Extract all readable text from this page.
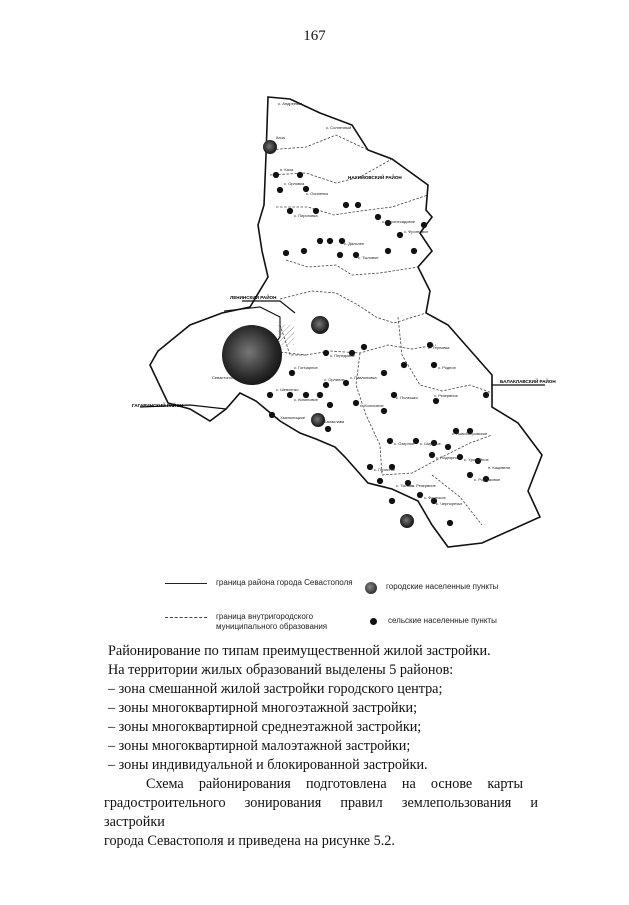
167
НАХИМОВСКИЙ РАЙОН
ЛЕНИНСКИЙ РАЙОН
ГАГАРИНСКИЙ РАЙОН
БАЛАКЛАВСКИЙ РАЙОН
с. Андреевка
с. Солнечный
Кача
п. Кача
с. Орловка
с. Осипенко
с. Пироговка
с. Верхнесадовое
с. Фронтовое
с. Дальнее
с. Тыловое
с. Терновка
с. Родное
Севастополь
с. Резервное
с. Гончарное
с. Передовое
с. Орлиное с. Павлоновка
Балаклава
с. Шевченко
с. Кизиловое
с. Хмельницкое
с. Колхозное
с. Полюшко
с. Озерное с. Широкое
с. Новобобровское
с. Подгорное
с. Гористое
с. Урожайное
с. Родниковое
с. Тылово
п. Кацивели
с. Резервное
с. Флотское
с. Черноречье
граница района города Севастополя
граница внутригородского муниципального образования
городские населенные пункты
сельские населенные пункты

Районирование по типам преимущественной жилой застройки.

На территории жилых образований выделены 5 районов:

– зона смешанной жилой застройки городского центра;

– зоны многоквартирной многоэтажной застройки;

– зоны многоквартирной среднеэтажной застройки;

– зоны многоквартирной малоэтажной застройки;

– зоны индивидуальной и блокированной застройки.

Схема районирования подготовлена на основе карты

градостроительного зонирования правил землепользования и застройки

города Севастополя и приведена на рисунке 5.2.
